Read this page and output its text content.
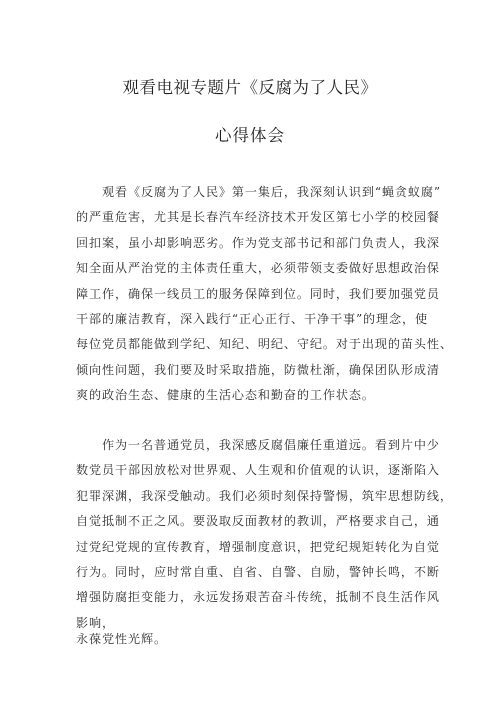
观看电视专题片《反腐为了人民》
心得体会
　　观看《反腐为了人民》第一集后，我深刻认识到“蝇贪蚁腐”
的严重危害，尤其是长春汽车经济技术开发区第七小学的校园餐
回扣案，虽小却影响恶劣。作为党支部书记和部门负责人，我深
知全面从严治党的主体责任重大，必须带领支委做好思想政治保
障工作，确保一线员工的服务保障到位。同时，我们要加强党员
干部的廉洁教育，深入践行“正心正行、干净干事”的理念，使
每位党员都能做到学纪、知纪、明纪、守纪。对于出现的苗头性、
倾向性问题，我们要及时采取措施，防微杜渐，确保团队形成清
爽的政治生态、健康的生活心态和勤奋的工作状态。
　　作为一名普通党员，我深感反腐倡廉任重道远。看到片中少
数党员干部因放松对世界观、人生观和价值观的认识，逐渐陷入
犯罪深渊，我深受触动。我们必须时刻保持警惕，筑牢思想防线，
自觉抵制不正之风。要汲取反面教材的教训，严格要求自己，通
过党纪党规的宣传教育，增强制度意识，把党纪规矩转化为自觉
行为。同时，应时常自重、自省、自警、自励，警钟长鸣，不断
增强防腐拒变能力，永远发扬艰苦奋斗传统，抵制不良生活作风
影响，
永葆党性光辉。
